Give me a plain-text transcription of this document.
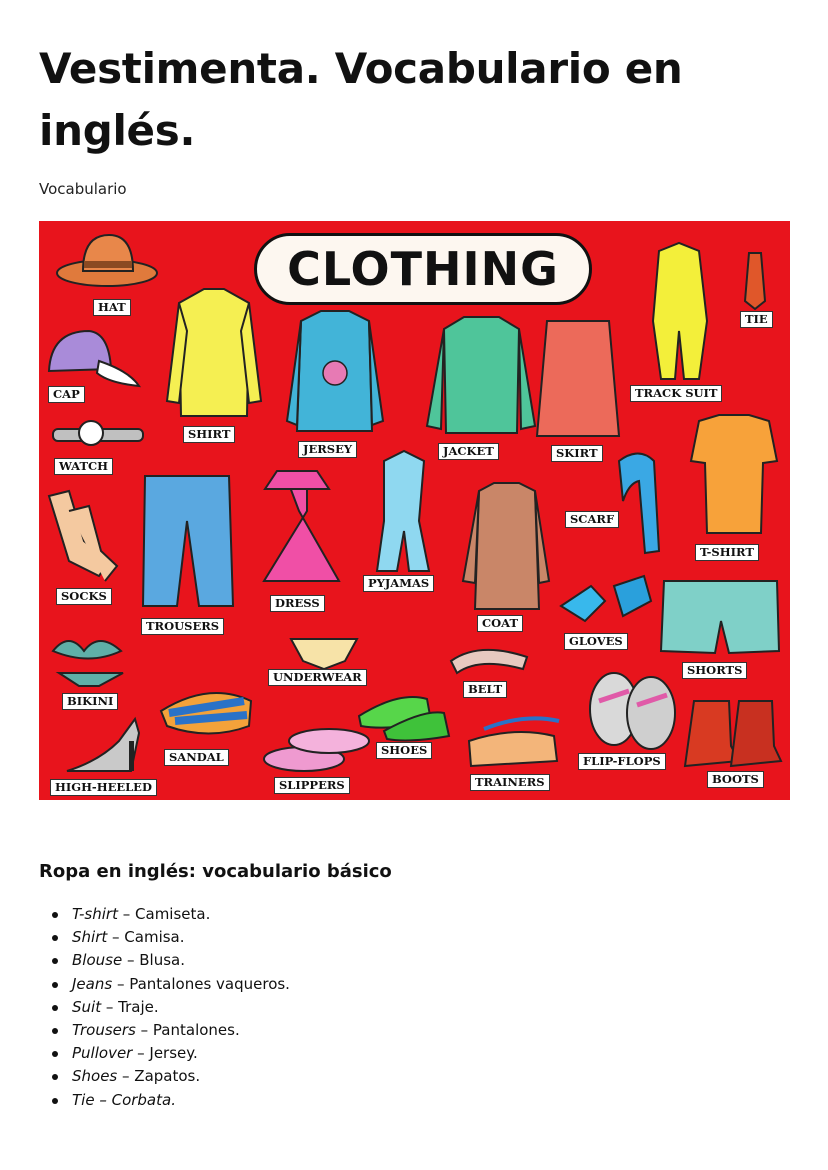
Vestimenta. Vocabulario en inglés.
Vocabulario
CLOTHING
HAT
CAP
WATCH
SOCKS
BIKINI
HIGH-HEELED
SHIRT
TROUSERS
SANDAL
JERSEY
DRESS
UNDERWEAR
SLIPPERS
PYJAMAS
JACKET
COAT
SHOES
BELT
TRAINERS
SKIRT
SCARF
GLOVES
FLIP-FLOPS
TRACK SUIT
TIE
T-SHIRT
SHORTS
BOOTS
Ropa en inglés: vocabulario básico
T-shirt – Camiseta.
Shirt – Camisa.
Blouse – Blusa.
Jeans – Pantalones vaqueros.
Suit – Traje.
Trousers – Pantalones.
Pullover – Jersey.
Shoes – Zapatos.
Tie – Corbata.
